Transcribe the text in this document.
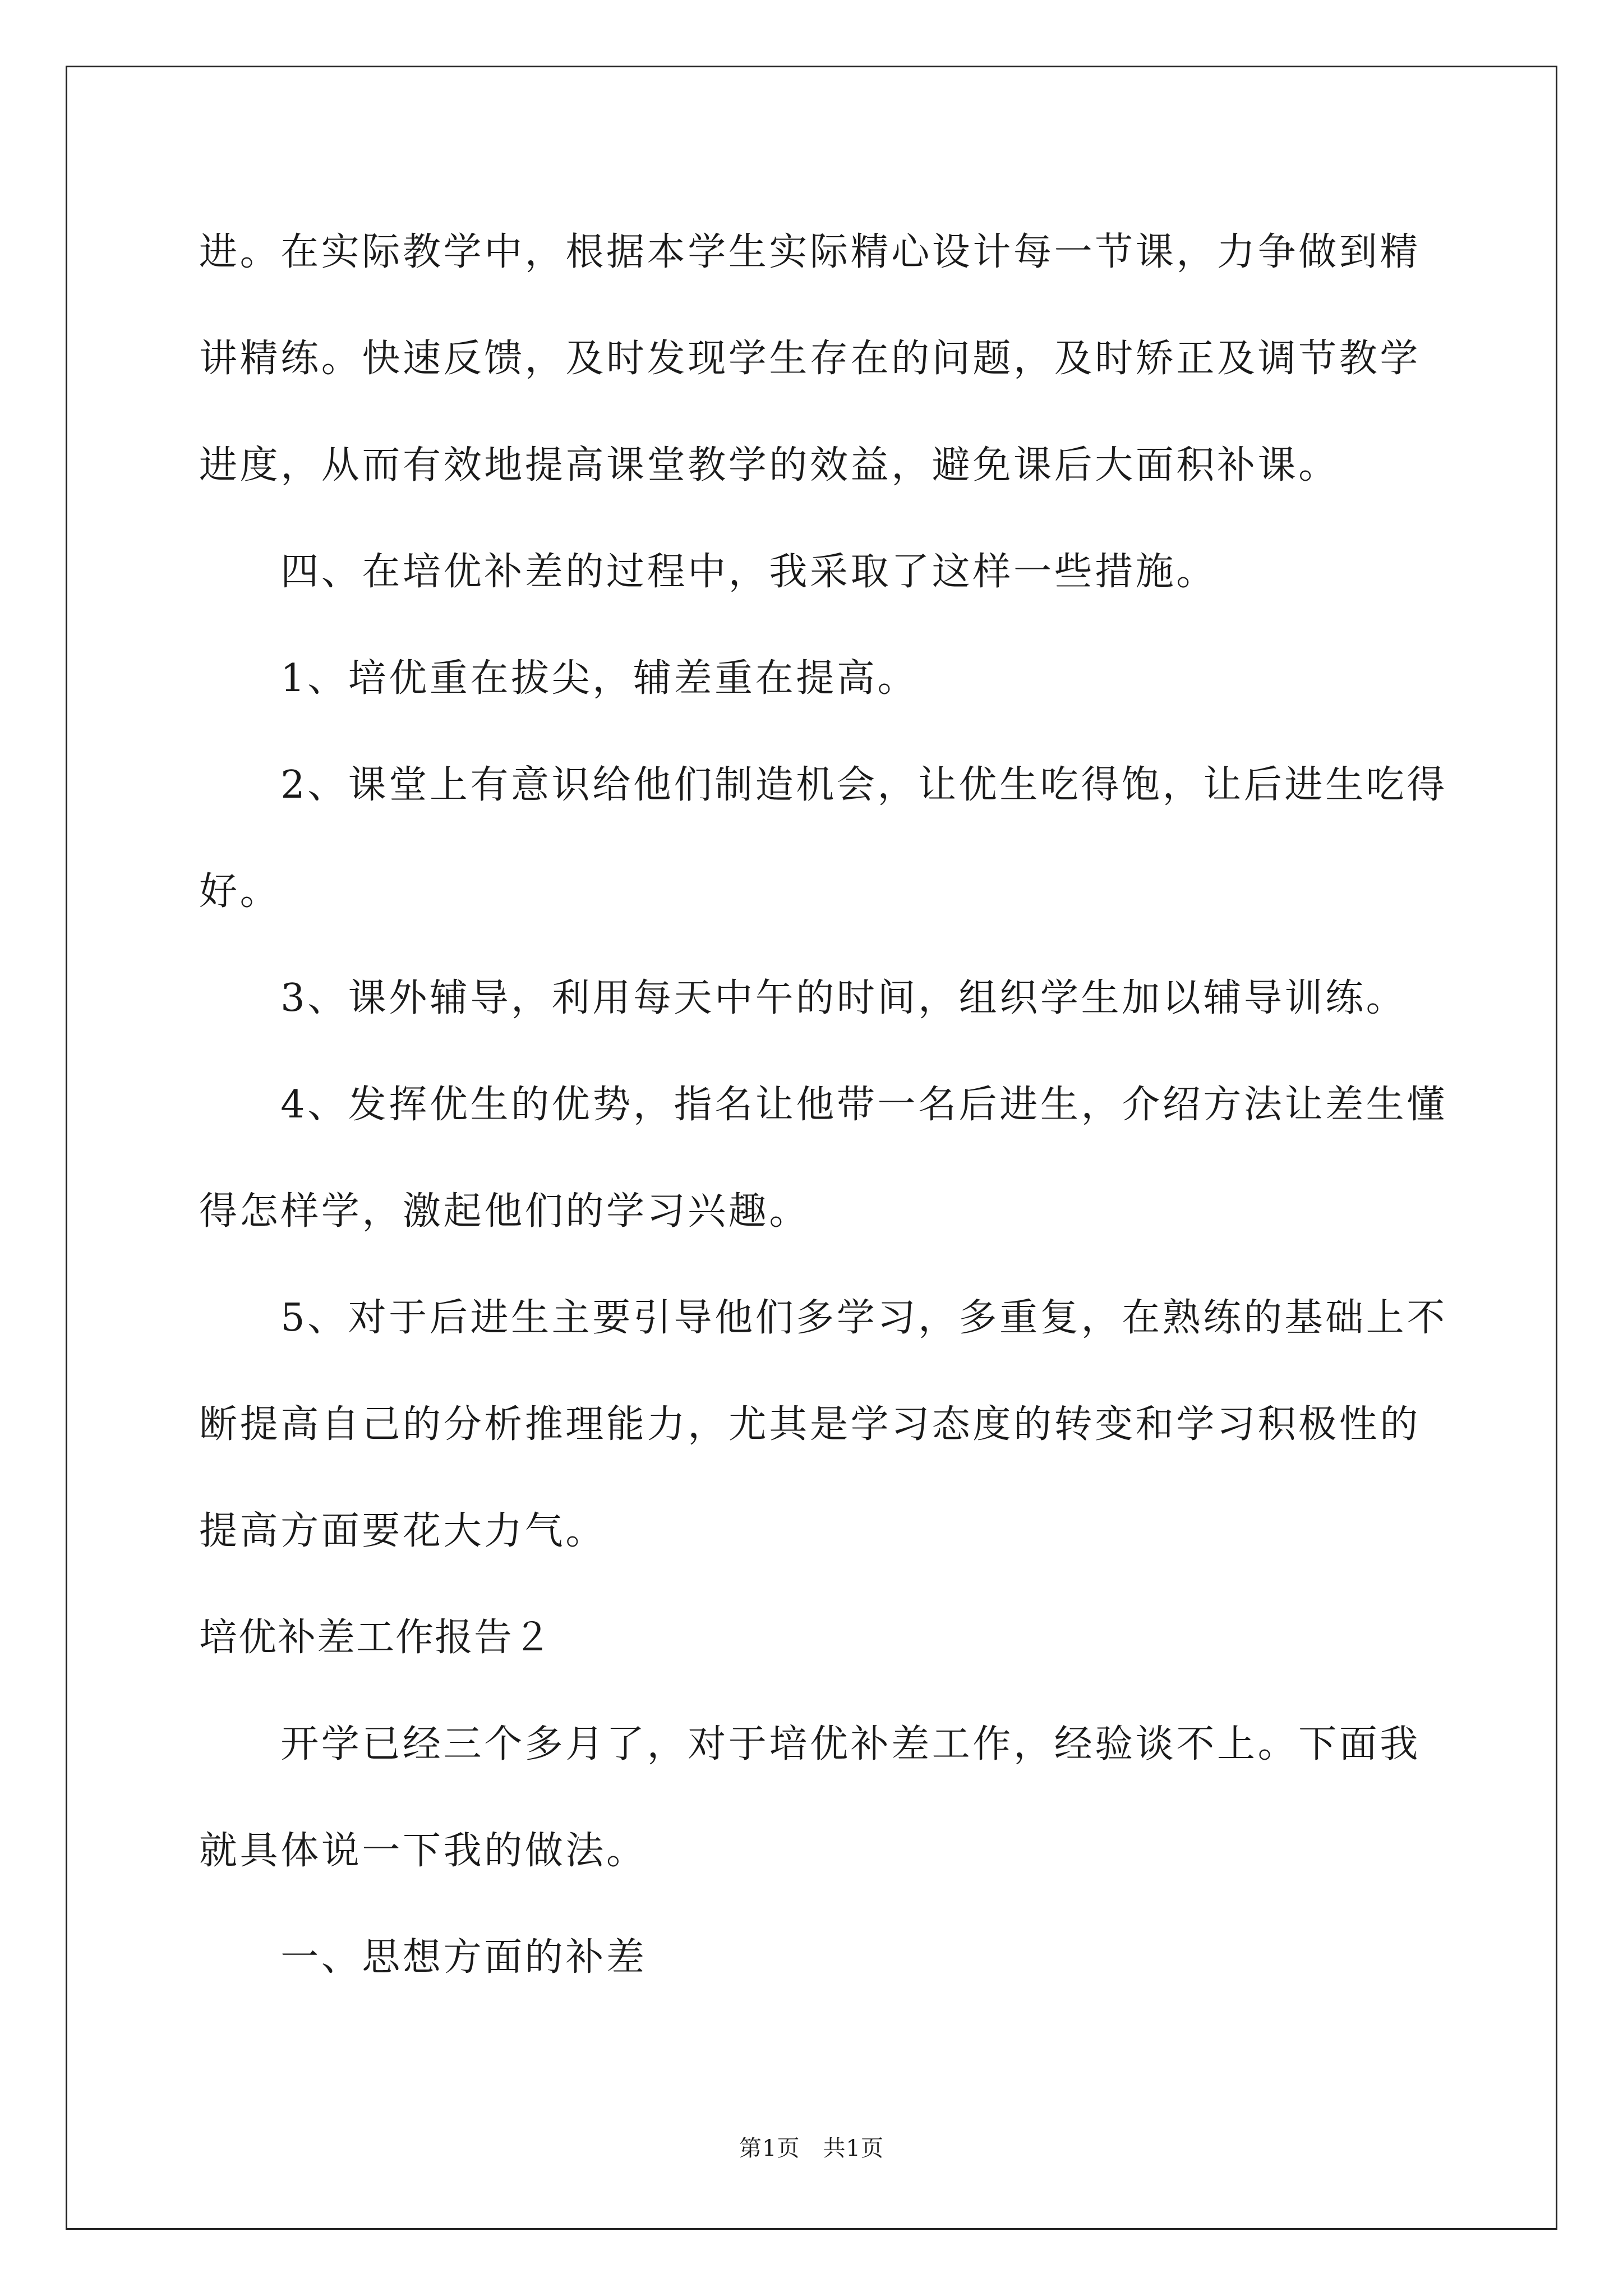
进。在实际教学中，根据本学生实际精心设计每一节课，力争做到精
讲精练。快速反馈，及时发现学生存在的问题，及时矫正及调节教学
进度，从而有效地提高课堂教学的效益，避免课后大面积补课。
　　四、在培优补差的过程中，我采取了这样一些措施。
　　1、培优重在拔尖，辅差重在提高。
　　2、课堂上有意识给他们制造机会，让优生吃得饱，让后进生吃得
好。
　　3、课外辅导，利用每天中午的时间，组织学生加以辅导训练。
　　4、发挥优生的优势，指名让他带一名后进生，介绍方法让差生懂
得怎样学，激起他们的学习兴趣。
　　5、对于后进生主要引导他们多学习，多重复，在熟练的基础上不
断提高自己的分析推理能力，尤其是学习态度的转变和学习积极性的
提高方面要花大力气。
培优补差工作报告２
　　开学已经三个多月了，对于培优补差工作，经验谈不上。下面我
就具体说一下我的做法。
　　一、思想方面的补差
第1页　共1页
